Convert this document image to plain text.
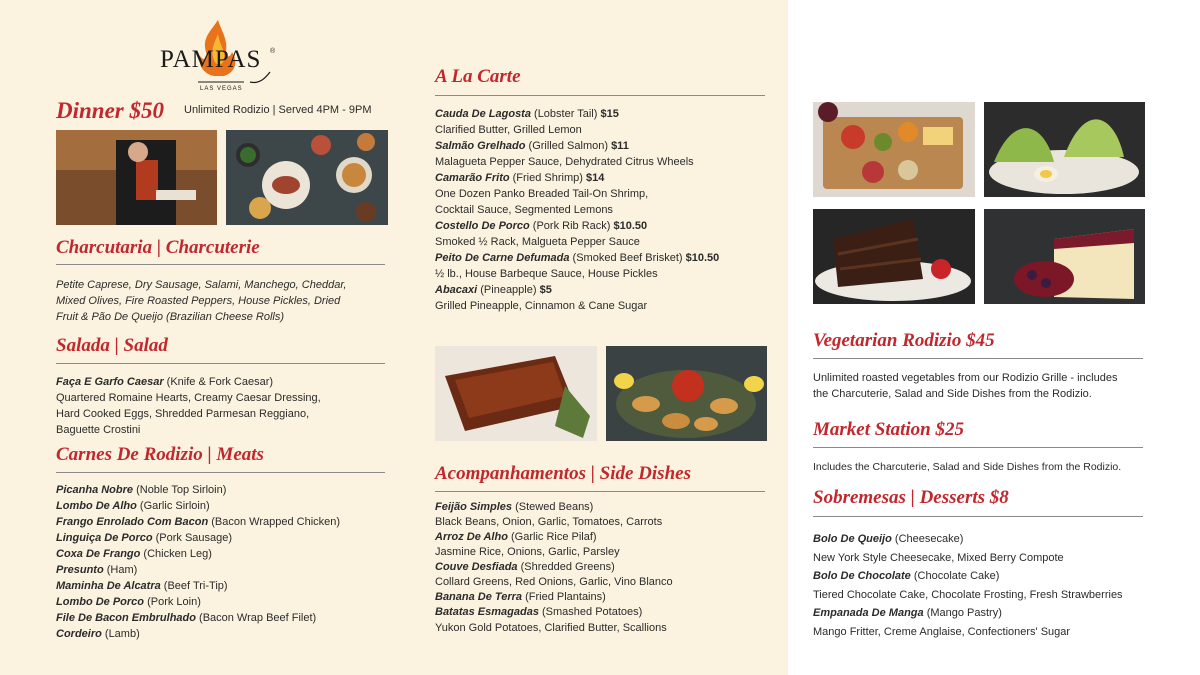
PAMPAS ®
LAS VEGAS
Dinner $50 Unlimited Rodizio | Served 4PM - 9PM
Charcutaria | Charcuterie
Petite Caprese, Dry Sausage, Salami, Manchego, Cheddar,
Mixed Olives, Fire Roasted Peppers, House Pickles, Dried
Fruit & Pão De Queijo (Brazilian Cheese Rolls)
Salada | Salad
Faça E Garfo Caesar (Knife & Fork Caesar)
Quartered Romaine Hearts, Creamy Caesar Dressing,
Hard Cooked Eggs, Shredded Parmesan Reggiano,
Baguette Crostini
Carnes De Rodizio | Meats
Picanha Nobre (Noble Top Sirloin)
Lombo De Alho (Garlic Sirloin)
Frango Enrolado Com Bacon (Bacon Wrapped Chicken)
Linguiça De Porco (Pork Sausage)
Coxa De Frango (Chicken Leg)
Presunto (Ham)
Maminha De Alcatra (Beef Tri-Tip)
Lombo De Porco (Pork Loin)
File De Bacon Embrulhado (Bacon Wrap Beef Filet)
Cordeiro (Lamb)
A La Carte
Cauda De Lagosta (Lobster Tail) $15
Clarified Butter, Grilled Lemon
Salmão Grelhado (Grilled Salmon) $11
Malagueta Pepper Sauce, Dehydrated Citrus Wheels
Camarão Frito (Fried Shrimp) $14
One Dozen Panko Breaded Tail-On Shrimp,
Cocktail Sauce, Segmented Lemons
Costello De Porco (Pork Rib Rack) $10.50
Smoked ½ Rack, Malgueta Pepper Sauce
Peito De Carne Defumada (Smoked Beef Brisket) $10.50
½ lb., House Barbeque Sauce, House Pickles
Abacaxi (Pineapple) $5
Grilled Pineapple, Cinnamon & Cane Sugar
Acompanhamentos | Side Dishes
Feijão Simples (Stewed Beans)
Black Beans, Onion, Garlic, Tomatoes, Carrots
Arroz De Alho (Garlic Rice Pilaf)
Jasmine Rice, Onions, Garlic, Parsley
Couve Desfiada (Shredded Greens)
Collard Greens, Red Onions, Garlic, Vino Blanco
Banana De Terra (Fried Plantains)
Batatas Esmagadas (Smashed Potatoes)
Yukon Gold Potatoes, Clarified Butter, Scallions
Vegetarian Rodizio $45
Unlimited roasted vegetables from our Rodizio Grille - includes
the Charcuterie, Salad and Side Dishes from the Rodizio.
Market Station $25
Includes the Charcuterie, Salad and Side Dishes from the Rodizio.
Sobremesas | Desserts $8
Bolo De Queijo (Cheesecake)
New York Style Cheesecake, Mixed Berry Compote
Bolo De Chocolate (Chocolate Cake)
Tiered Chocolate Cake, Chocolate Frosting, Fresh Strawberries
Empanada De Manga (Mango Pastry)
Mango Fritter, Creme Anglaise, Confectioners' Sugar
